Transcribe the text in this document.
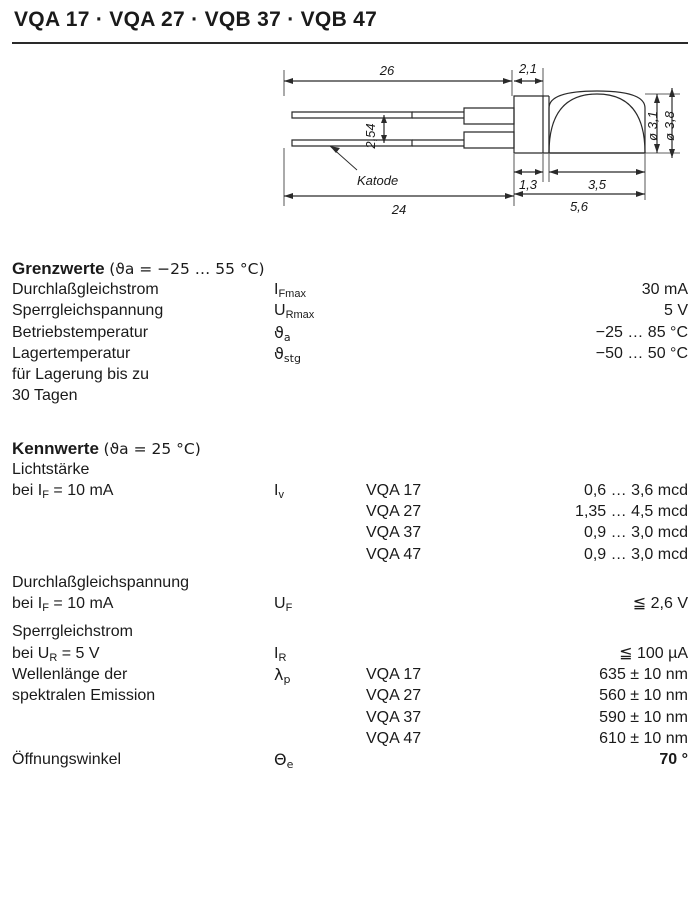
VQA 17 · VQA 27 · VQB 37 · VQB 47
26	2,1
2,54
Katode
24
1,3	3,5
5,6
ø 3,1 ø 3,8
Grenzwerte (ϑa = −25 … 55 °C)
Durchlaßgleichstrom	$I_{Fmax}$	30 mA
Sperrgleichspannung	$U_{Rmax}$	5 V
Betriebstemperatur	$ϑ_a$	−25 … 85 °C
Lagertemperatur	$ϑ_{stg}$	−50 … 50 °C
für Lagerung bis zu		
30 Tagen		
Kennwerte (ϑa = 25 °C)
Lichtstärke			
bei $I_F = 10$ mA	$I_v$	VQA 17	0,6 … 3,6 mcd
		VQA 27	1,35 … 4,5 mcd
		VQA 37	0,9 … 3,0 mcd
		VQA 47	0,9 … 3,0 mcd

Durchlaßgleichspannung			
bei $I_F = 10$ mA	$U_F$		≦ 2,6 V

Sperrgleichstrom			
bei $U_R = 5$ V	$I_R$		≦ 100 µA
Wellenlänge der	$\lambda_p$	VQA 17	635 ± 10 nm
spektralen Emission		VQA 27	560 ± 10 nm
		VQA 37	590 ± 10 nm
		VQA 47	610 ± 10 nm
Öffnungswinkel	$\Theta_e$		70 °
